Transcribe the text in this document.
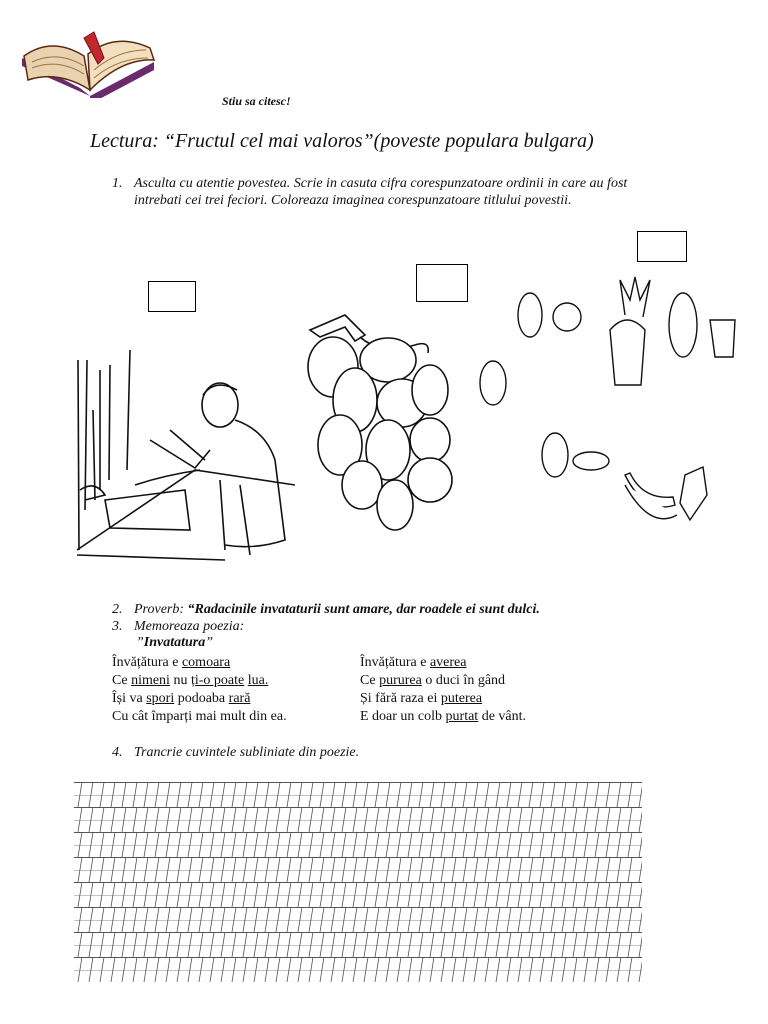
Stiu sa citesc!
Lectura: “Fructul cel mai valoros”(poveste populara bulgara)
1. Asculta cu atentie povestea. Scrie in casuta cifra corespunzatoare ordinii in care au fost
intrebati cei trei feciori. Coloreaza imaginea corespunzatoare titlului povestii.
2. Proverb: “Radacinile invataturii sunt amare, dar roadele ei sunt dulci.
3. Memoreaza poezia:
”Invatatura”
Învățătura e comoara
Ce nimeni nu ți-o poate lua.
Își va spori podoaba rară
Cu cât împarți mai mult din ea.
Învățătura e averea
Ce pururea o duci în gând
Și fără raza ei puterea
E doar un colb purtat de vânt.
4. Trancrie cuvintele subliniate din poezie.
